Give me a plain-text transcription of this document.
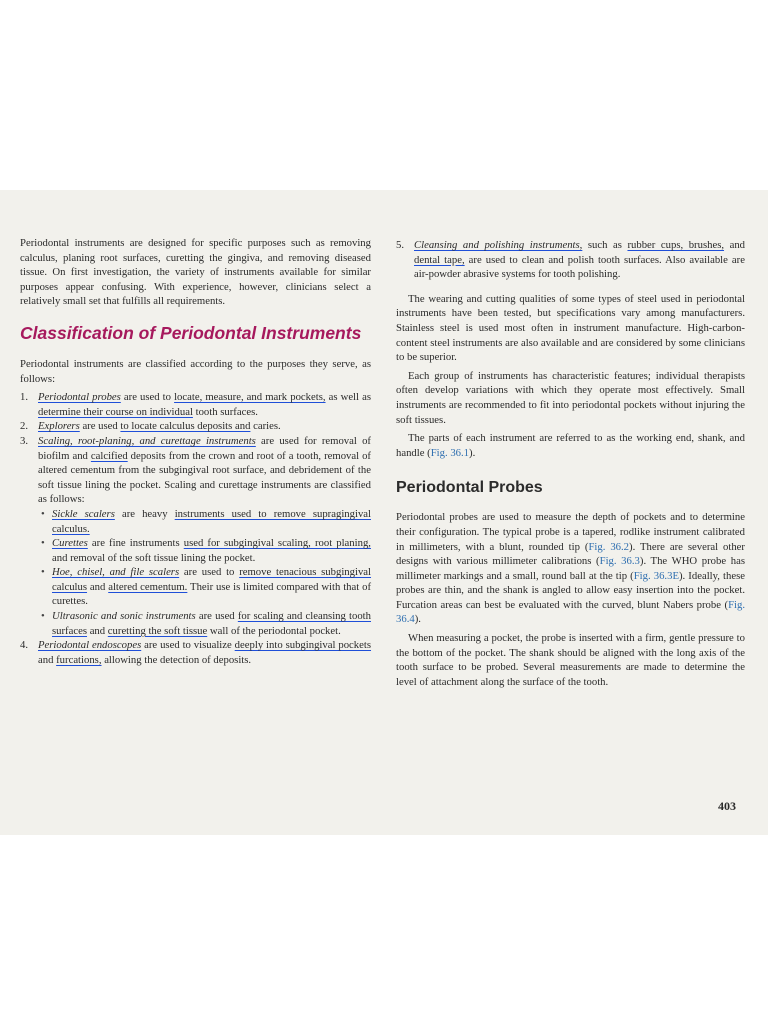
Periodontal instruments are designed for specific purposes such as removing calculus, planing root surfaces, curetting the gingiva, and removing diseased tissue. On first investigation, the variety of instruments available for similar purposes appear confusing. With experience, however, clinicians select a relatively small set that fulfills all requirements.

Classification of Periodontal Instruments

Periodontal instruments are classified according to the purposes they serve, as follows:

1. Periodontal probes are used to locate, measure, and mark pockets, as well as determine their course on individual tooth surfaces.
2. Explorers are used to locate calculus deposits and caries.
3. Scaling, root-planing, and curettage instruments are used for removal of biofilm and calcified deposits from the crown and root of a tooth, removal of altered cementum from the subgingival root surface, and debridement of the soft tissue lining the pocket. Scaling and curettage instruments are classified as follows:
• Sickle scalers are heavy instruments used to remove supragingival calculus.
• Curettes are fine instruments used for subgingival scaling, root planing, and removal of the soft tissue lining the pocket.
• Hoe, chisel, and file scalers are used to remove tenacious subgingival calculus and altered cementum. Their use is limited compared with that of curettes.
• Ultrasonic and sonic instruments are used for scaling and cleansing tooth surfaces and curetting the soft tissue wall of the periodontal pocket.
4. Periodontal endoscopes are used to visualize deeply into subgingival pockets and furcations, allowing the detection of deposits.
5. Cleansing and polishing instruments, such as rubber cups, brushes, and dental tape, are used to clean and polish tooth surfaces. Also available are air-powder abrasive systems for tooth polishing.

The wearing and cutting qualities of some types of steel used in periodontal instruments have been tested, but specifications vary among manufacturers. Stainless steel is used most often in instrument manufacture. High-carbon-content steel instruments are also available and are considered by some clinicians to be superior.

Each group of instruments has characteristic features; individual therapists often develop variations with which they operate most effectively. Small instruments are recommended to fit into periodontal pockets without injuring the soft tissues.

The parts of each instrument are referred to as the working end, shank, and handle (Fig. 36.1).

Periodontal Probes

Periodontal probes are used to measure the depth of pockets and to determine their configuration. The typical probe is a tapered, rodlike instrument calibrated in millimeters, with a blunt, rounded tip (Fig. 36.2). There are several other designs with various millimeter calibrations (Fig. 36.3). The WHO probe has millimeter markings and a small, round ball at the tip (Fig. 36.3E). Ideally, these probes are thin, and the shank is angled to allow easy insertion into the pocket. Furcation areas can best be evaluated with the curved, blunt Nabers probe (Fig. 36.4).

When measuring a pocket, the probe is inserted with a firm, gentle pressure to the bottom of the pocket. The shank should be aligned with the long axis of the tooth surface to be probed. Several measurements are made to determine the level of attachment along the surface of the tooth.

403
